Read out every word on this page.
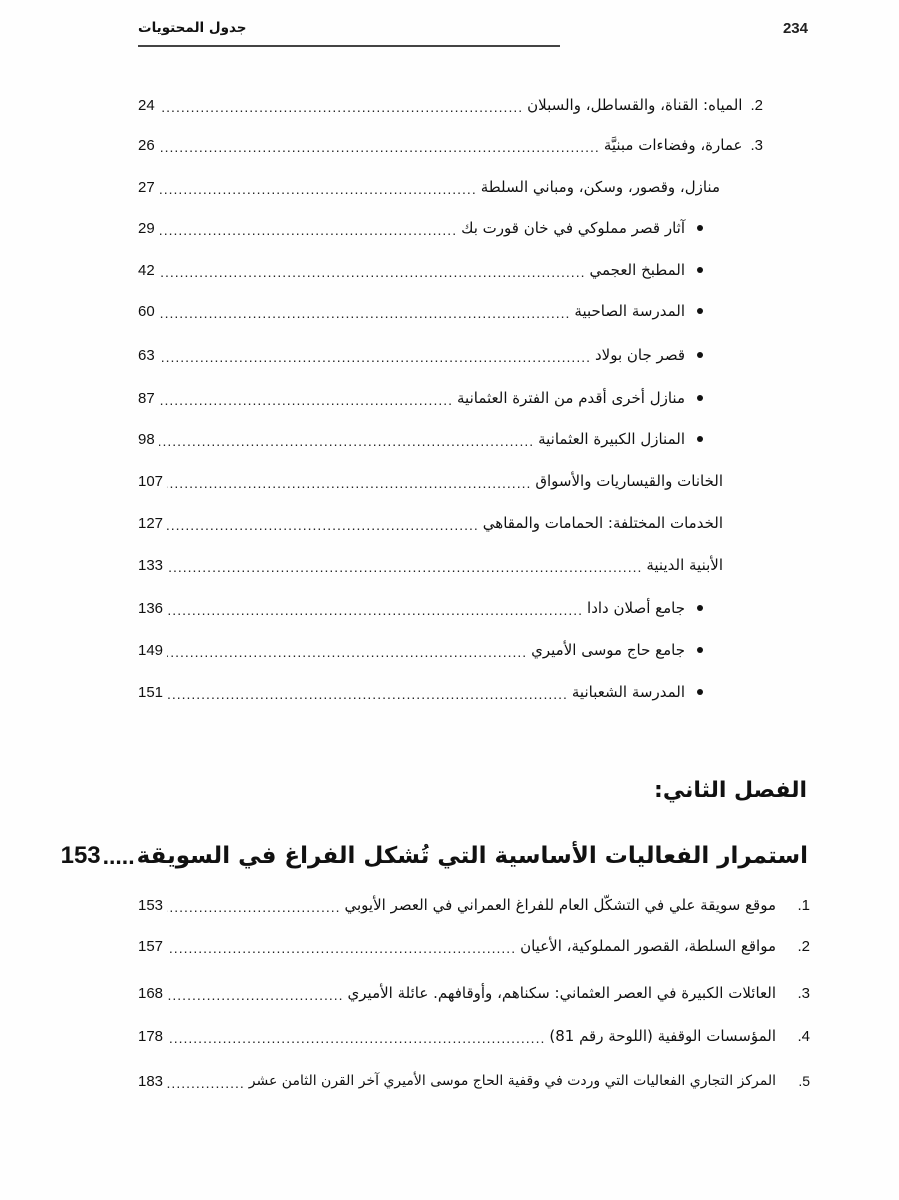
234
جدول المحتويات
2.
المياه: القناة، والقساطل، والسبلان
.....
24
3.
عمارة، وفضاءات مبنيَّة
.....
26
منازل، وقصور، وسكن، ومباني السلطة
.....
27
آثار قصر مملوكي في خان قورت بك
.....
29
المطبخ العجمي
.....
42
المدرسة الصاحبية
.....
60
قصر جان بولاد
.....
63
منازل أخرى أقدم من الفترة العثمانية
.....
87
المنازل الكبيرة العثمانية
.....
98
الخانات والقيساريات والأسواق
.....
107
الخدمات المختلفة: الحمامات والمقاهي
.....
127
الأبنية الدينية
.....
133
جامع أصلان دادا
.....
136
جامع حاج موسى الأميري
.....
149
المدرسة الشعبانية
.....
151
الفصل الثاني:
استمرار الفعاليات الأساسية التي تُشكل الفراغ في السويقة
.....
153
1.
موقع سويقة علي في التشكّل العام للفراغ العمراني في العصر الأيوبي
.....
153
2.
مواقع السلطة، القصور المملوكية، الأعيان
.....
157
3.
العائلات الكبيرة في العصر العثماني: سكناهم، وأوقافهم. عائلة الأميري
.....
168
4.
المؤسسات الوقفية (اللوحة رقم 81)
.....
178
5.
المركز التجاري الفعاليات التي وردت في وقفية الحاج موسى الأميري آخر القرن الثامن عشر
.....
183
